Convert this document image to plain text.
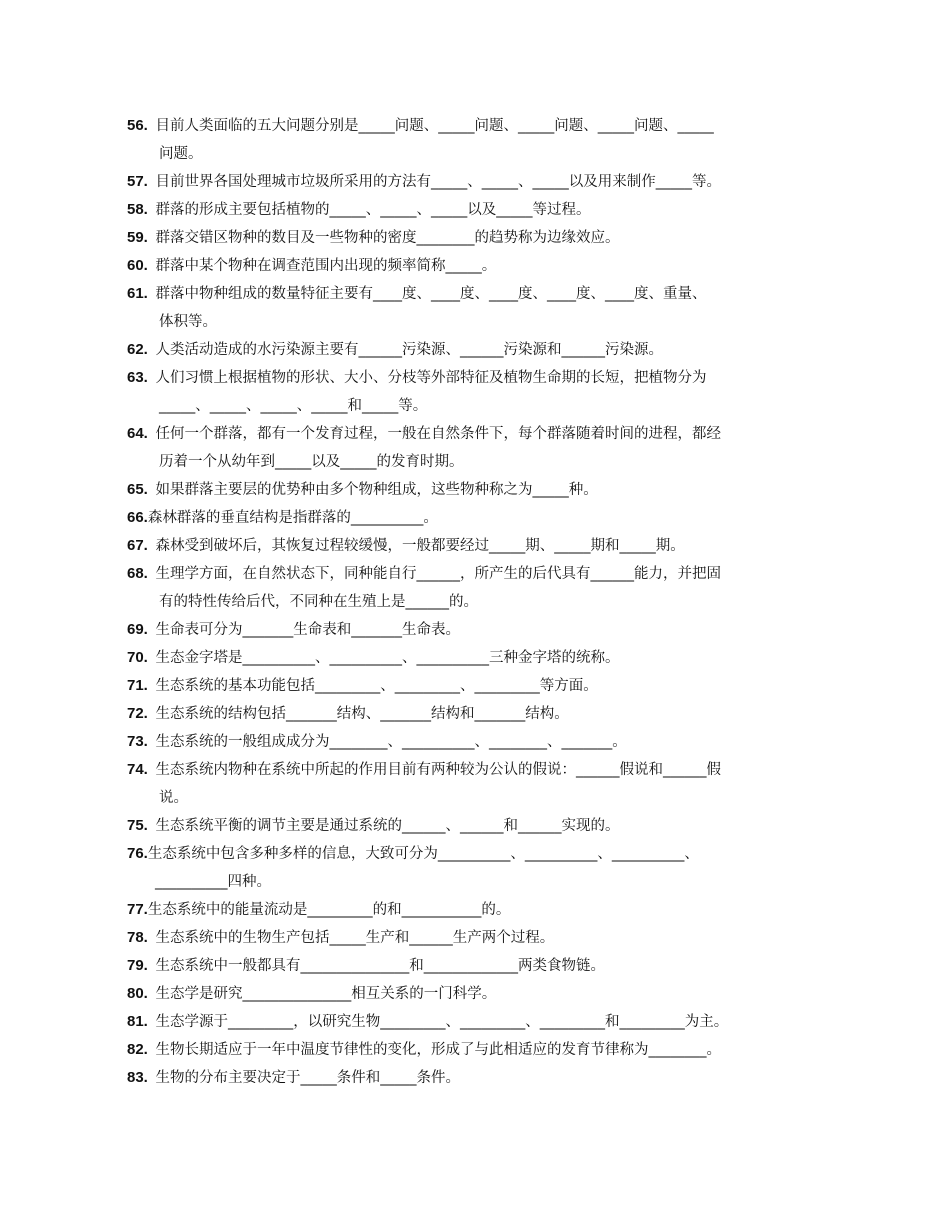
56. 目前人类面临的五大问题分别是_____问题、_____问题、_____问题、_____问题、_____
问题。
57. 目前世界各国处理城市垃圾所采用的方法有_____、_____、_____以及用来制作_____等。
58. 群落的形成主要包括植物的_____、_____、_____以及_____等过程。
59. 群落交错区物种的数目及一些物种的密度________的趋势称为边缘效应。
60. 群落中某个物种在调查范围内出现的频率简称_____。
61. 群落中物种组成的数量特征主要有____度、____度、____度、____度、____度、重量、
体积等。
62. 人类活动造成的水污染源主要有______污染源、______污染源和______污染源。
63. 人们习惯上根据植物的形状、大小、分枝等外部特征及植物生命期的长短，把植物分为
_____、_____、_____、_____和_____等。
64. 任何一个群落，都有一个发育过程，一般在自然条件下，每个群落随着时间的进程，都经
历着一个从幼年到_____以及_____的发育时期。
65. 如果群落主要层的优势种由多个物种组成，这些物种称之为_____种。
66.森林群落的垂直结构是指群落的__________。
67. 森林受到破坏后，其恢复过程较缓慢，一般都要经过_____期、_____期和_____期。
68. 生理学方面，在自然状态下，同种能自行______，所产生的后代具有______能力，并把固
有的特性传给后代，不同种在生殖上是______的。
69. 生命表可分为_______生命表和_______生命表。
70. 生态金字塔是__________、__________、__________三种金字塔的统称。
71. 生态系统的基本功能包括_________、_________、_________等方面。
72. 生态系统的结构包括_______结构、_______结构和_______结构。
73. 生态系统的一般组成成分为________、__________、________、_______。
74. 生态系统内物种在系统中所起的作用目前有两种较为公认的假说：______假说和______假
说。
75. 生态系统平衡的调节主要是通过系统的______、______和______实现的。
76.生态系统中包含多种多样的信息，大致可分为__________、__________、__________、
__________四种。
77.生态系统中的能量流动是_________的和___________的。
78. 生态系统中的生物生产包括_____生产和______生产两个过程。
79. 生态系统中一般都具有_______________和_____________两类食物链。
80. 生态学是研究_______________相互关系的一门科学。
81. 生态学源于_________，以研究生物_________、_________、_________和_________为主。
82. 生物长期适应于一年中温度节律性的变化，形成了与此相适应的发育节律称为________。
83. 生物的分布主要决定于_____条件和_____条件。
